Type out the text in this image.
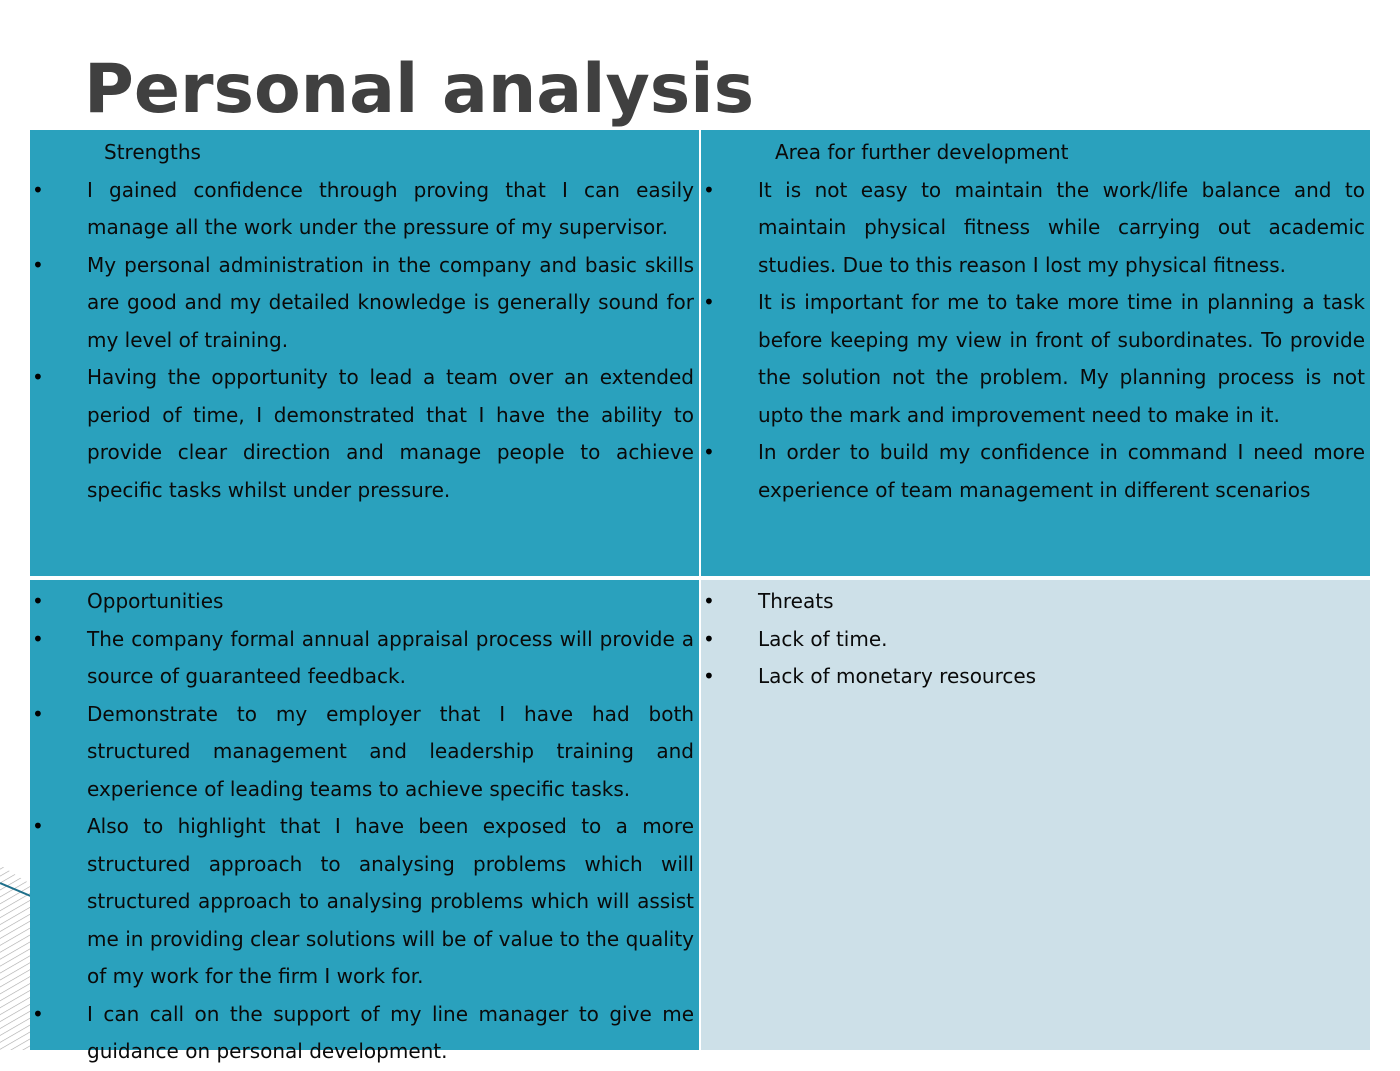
Personal analysis

Strengths

• I gained confidence through proving that I can easily manage all the work under the pressure of my supervisor.
• My personal administration in the company and basic skills are good and my detailed knowledge is generally sound for my level of training.
• Having the opportunity to lead a team over an extended period of time, I demonstrated that I have the ability to provide clear direction and manage people to achieve specific tasks whilst under pressure.

Area for further development

• It is not easy to maintain the work/life balance and to maintain physical fitness while carrying out academic studies. Due to this reason I lost my physical fitness.
• It is important for me to take more time in planning a task before keeping my view in front of subordinates. To provide the solution not the problem. My planning process is not upto the mark and improvement need to make in it.
• In order to build my confidence in command I need more experience of team management in different scenarios
• Opportunities
• The company formal annual appraisal process will provide a source of guaranteed feedback.
• Demonstrate to my employer that I have had both structured management and leadership training and experience of leading teams to achieve specific tasks.
• Also to highlight that I have been exposed to a more structured approach to analysing problems which will structured approach to analysing problems which will assist me in providing clear solutions will be of value to the quality of my work for the firm I work for.
• I can call on the support of my line manager to give me guidance on personal development.
• Threats
• Lack of time.
• Lack of monetary resources
